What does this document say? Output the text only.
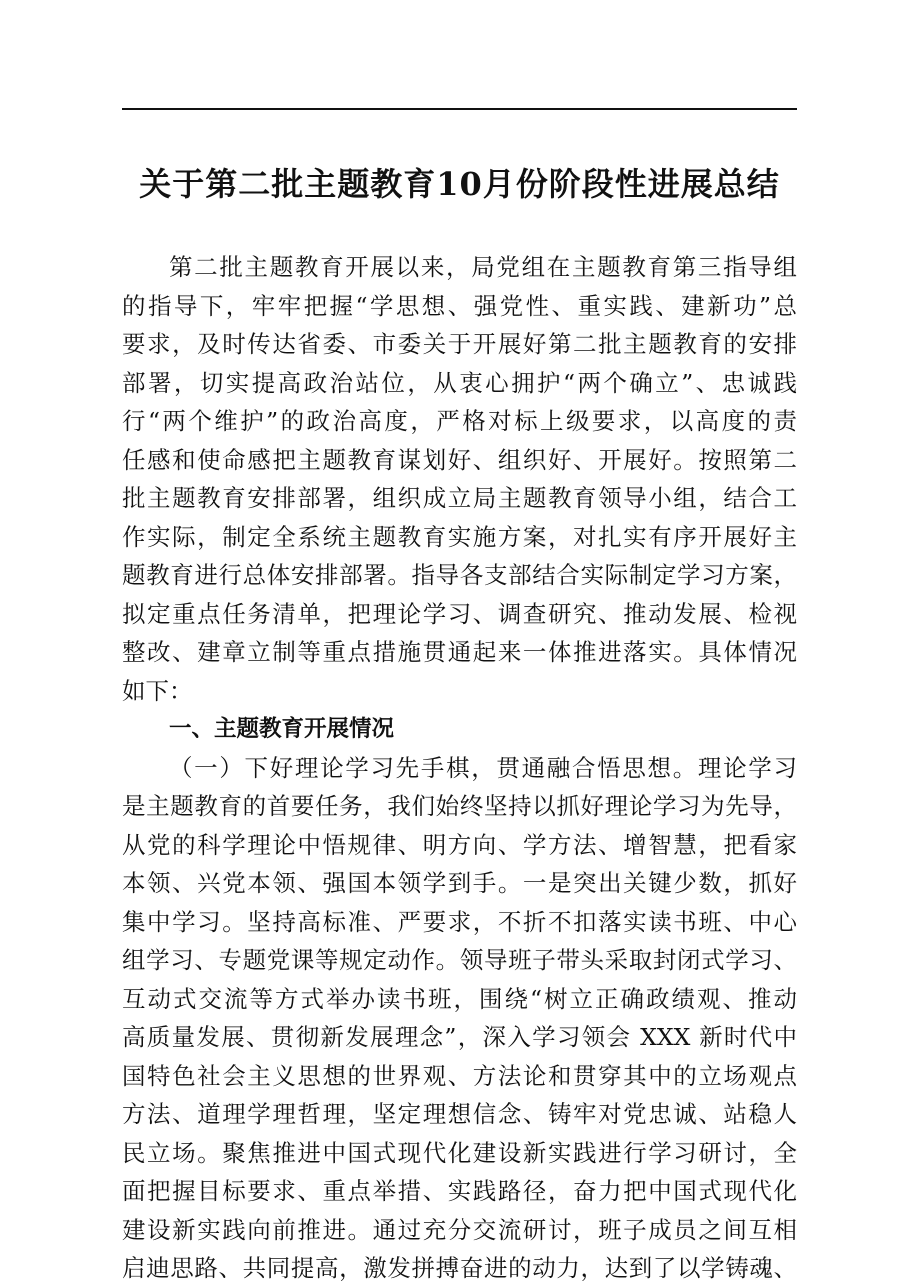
关于第二批主题教育10月份阶段性进展总结
第二批主题教育开展以来，局党组在主题教育第三指导组
的指导下，牢牢把握“学思想、强党性、重实践、建新功”总
要求，及时传达省委、市委关于开展好第二批主题教育的安排
部署，切实提高政治站位，从衷心拥护“两个确立”、忠诚践
行“两个维护”的政治高度，严格对标上级要求，以高度的责
任感和使命感把主题教育谋划好、组织好、开展好。按照第二
批主题教育安排部署，组织成立局主题教育领导小组，结合工
作实际，制定全系统主题教育实施方案，对扎实有序开展好主
题教育进行总体安排部署。指导各支部结合实际制定学习方案，
拟定重点任务清单，把理论学习、调查研究、推动发展、检视
整改、建章立制等重点措施贯通起来一体推进落实。具体情况
如下：
一、主题教育开展情况
（一）下好理论学习先手棋，贯通融合悟思想。理论学习
是主题教育的首要任务，我们始终坚持以抓好理论学习为先导，
从党的科学理论中悟规律、明方向、学方法、增智慧，把看家
本领、兴党本领、强国本领学到手。一是突出关键少数，抓好
集中学习。坚持高标准、严要求，不折不扣落实读书班、中心
组学习、专题党课等规定动作。领导班子带头采取封闭式学习、
互动式交流等方式举办读书班，围绕“树立正确政绩观、推动
高质量发展、贯彻新发展理念”，深入学习领会 XXX 新时代中
国特色社会主义思想的世界观、方法论和贯穿其中的立场观点
方法、道理学理哲理，坚定理想信念、铸牢对党忠诚、站稳人
民立场。聚焦推进中国式现代化建设新实践进行学习研讨，全
面把握目标要求、重点举措、实践路径，奋力把中国式现代化
建设新实践向前推进。通过充分交流研讨，班子成员之间互相
启迪思路、共同提高，激发拼搏奋进的动力，达到了以学铸魂、
